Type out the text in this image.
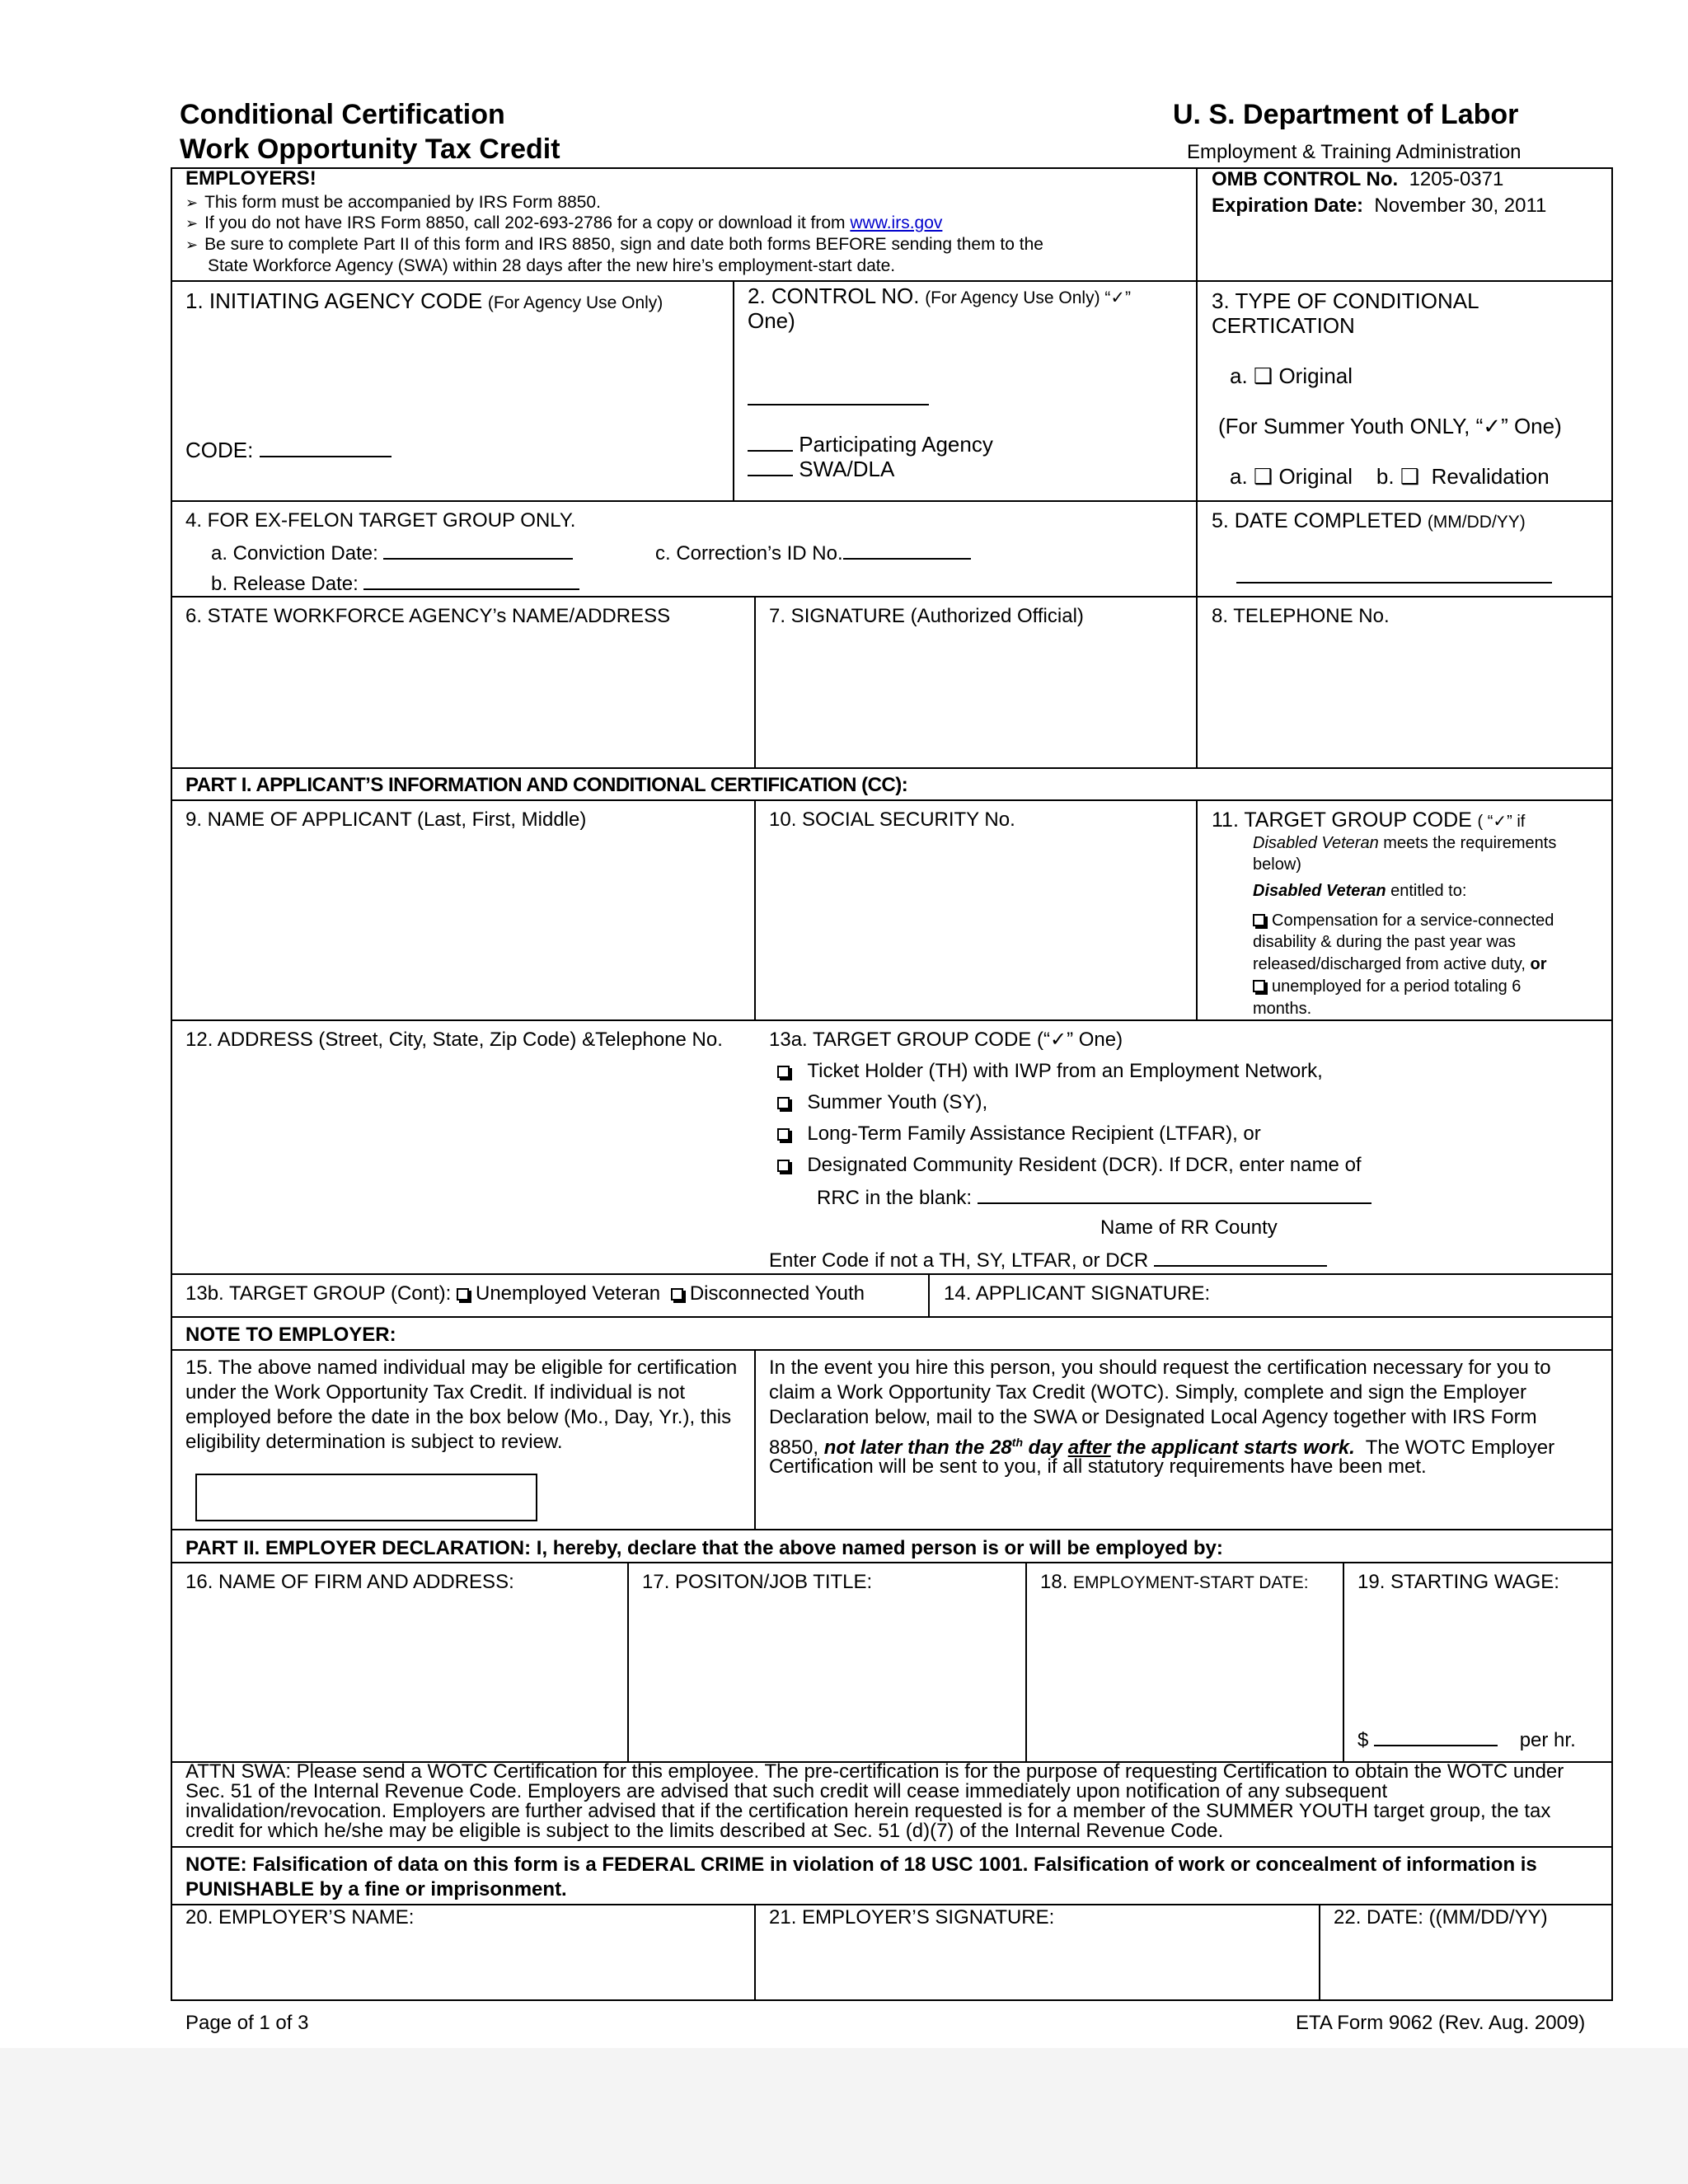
Conditional Certification
Work Opportunity Tax Credit
U. S. Department of Labor
Employment & Training Administration
EMPLOYERS!
➢ This form must be accompanied by IRS Form 8850.
➢ If you do not have IRS Form 8850, call 202-693-2786 for a copy or download it from www.irs.gov
➢ Be sure to complete Part II of this form and IRS 8850, sign and date both forms BEFORE sending them to the
State Workforce Agency (SWA) within 28 days after the new hire’s employment-start date.
OMB CONTROL No. 1205-0371
Expiration Date: November 30, 2011
1. INITIATING AGENCY CODE (For Agency Use Only)
CODE:
2. CONTROL NO. (For Agency Use Only) “✓”
One)
Participating Agency
SWA/DLA
3. TYPE OF CONDITIONAL
CERTICATION
a. ❑ Original
(For Summer Youth ONLY, “✓” One)
a. ❑ Original    b. ❑  Revalidation
4. FOR EX-FELON TARGET GROUP ONLY.
a. Conviction Date:	c. Correction’s ID No.
b. Release Date:
5. DATE COMPLETED (MM/DD/YY)
6. STATE WORKFORCE AGENCY’s NAME/ADDRESS	7. SIGNATURE (Authorized Official)	8. TELEPHONE No.
PART I. APPLICANT’S INFORMATION AND CONDITIONAL CERTIFICATION (CC):
9. NAME OF APPLICANT (Last, First, Middle)	10. SOCIAL SECURITY No.	11. TARGET GROUP CODE ( “✓” if
Disabled Veteran meets the requirements
below)
Disabled Veteran entitled to:
Compensation for a service-connected
disability & during the past year was
released/discharged from active duty, or
unemployed for a period totaling 6
months.
12. ADDRESS (Street, City, State, Zip Code) &Telephone No. 13a. TARGET GROUP CODE (“✓” One)
Ticket Holder (TH) with IWP from an Employment Network,
Summer Youth (SY),
Long-Term Family Assistance Recipient (LTFAR), or
Designated Community Resident (DCR). If DCR, enter name of
RRC in the blank:
Name of RR County
Enter Code if not a TH, SY, LTFAR, or DCR
13b. TARGET GROUP (Cont): Unemployed Veteran Disconnected Youth	14. APPLICANT SIGNATURE:
NOTE TO EMPLOYER:
15. The above named individual may be eligible for certification
under the Work Opportunity Tax Credit. If individual is not
employed before the date in the box below (Mo., Day, Yr.), this
eligibility determination is subject to review.
In the event you hire this person, you should request the certification necessary for you to
claim a Work Opportunity Tax Credit (WOTC). Simply, complete and sign the Employer
Declaration below, mail to the SWA or Designated Local Agency together with IRS Form
8850, not later than the 28th day after the applicant starts work. The WOTC Employer
Certification will be sent to you, if all statutory requirements have been met.
PART II. EMPLOYER DECLARATION: I, hereby, declare that the above named person is or will be employed by:
16. NAME OF FIRM AND ADDRESS:	17. POSITON/JOB TITLE:	18. EMPLOYMENT-START DATE: 19. STARTING WAGE:
$	per hr.
ATTN SWA: Please send a WOTC Certification for this employee. The pre-certification is for the purpose of requesting Certification to obtain the WOTC under
Sec. 51 of the Internal Revenue Code. Employers are advised that such credit will cease immediately upon notification of any subsequent
invalidation/revocation. Employers are further advised that if the certification herein requested is for a member of the SUMMER YOUTH target group, the tax
credit for which he/she may be eligible is subject to the limits described at Sec. 51 (d)(7) of the Internal Revenue Code.
NOTE: Falsification of data on this form is a FEDERAL CRIME in violation of 18 USC 1001. Falsification of work or concealment of information is
PUNISHABLE by a fine or imprisonment.
20. EMPLOYER’S NAME:	21. EMPLOYER’S SIGNATURE:	22. DATE: ((MM/DD/YY)
Page of 1 of 3	ETA Form 9062 (Rev. Aug. 2009)
